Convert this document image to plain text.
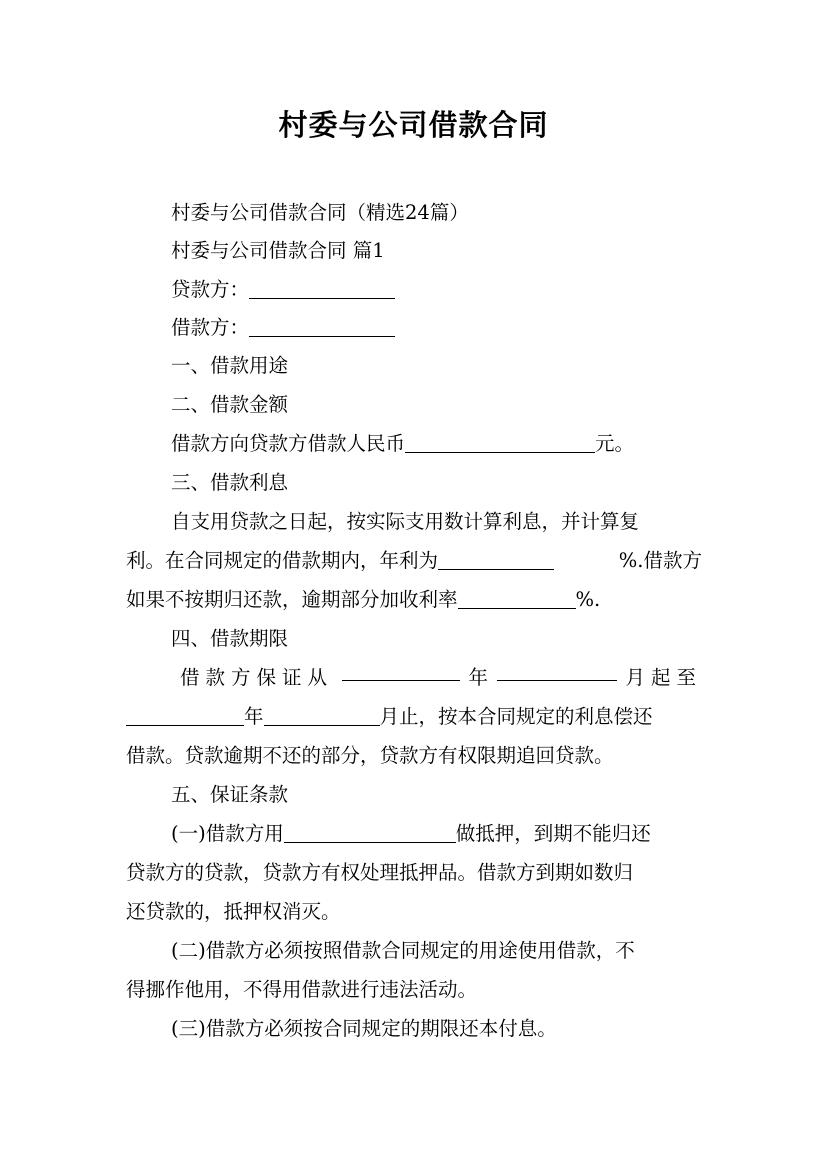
村委与公司借款合同
村委与公司借款合同（精选24篇）
村委与公司借款合同 篇1
贷款方：
借款方：
一、借款用途
二、借款金额
借款方向贷款方借款人民币	元。
三、借款利息
自支用贷款之日起，按实际支用数计算利息，并计算复
利。在合同规定的借款期内，年利为	%.借款方
如果不按期归还款，逾期部分加收利率	%.
四、借款期限
借款方保证从	年	月起至
年	月止，按本合同规定的利息偿还
借款。贷款逾期不还的部分，贷款方有权限期追回贷款。
五、保证条款
(一)借款方用	做抵押，到期不能归还
贷款方的贷款，贷款方有权处理抵押品。借款方到期如数归
还贷款的，抵押权消灭。
(二)借款方必须按照借款合同规定的用途使用借款，不
得挪作他用，不得用借款进行违法活动。
(三)借款方必须按合同规定的期限还本付息。
